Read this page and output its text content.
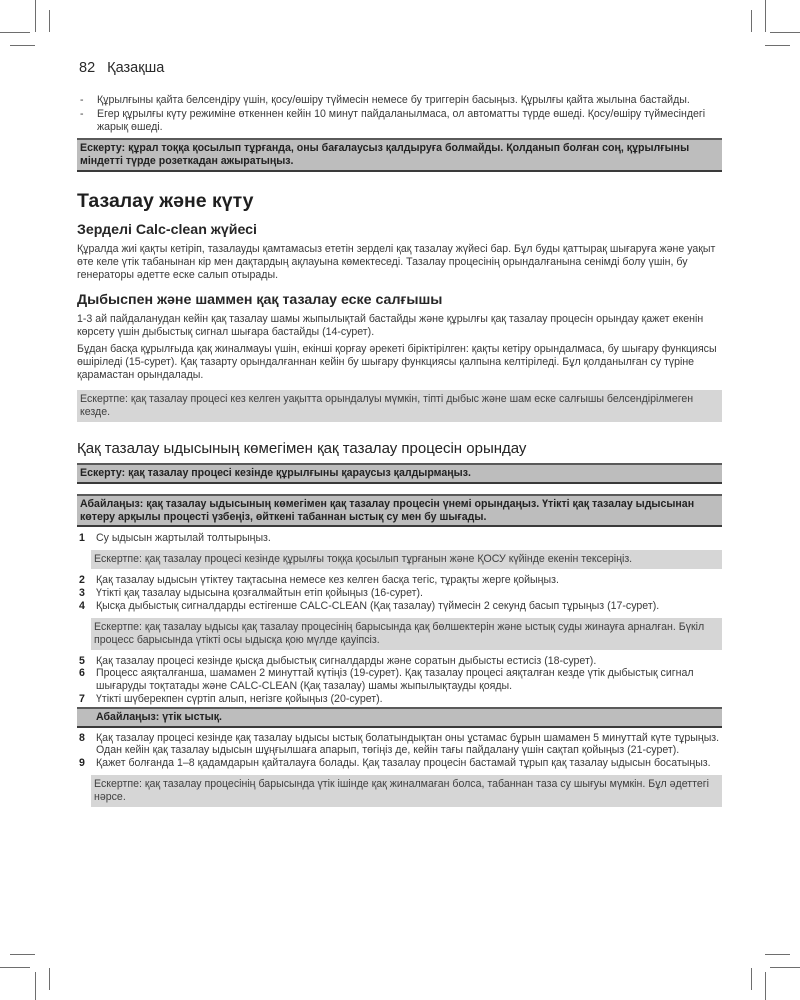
82 Қазақша
- Құрылғыны қайта белсендіру үшін, қосу/өшіру түймесін немесе бу триггерін басыңыз. Құрылғы қайта жылына бастайды.
- Егер құрылғы күту режиміне өткеннен кейін 10 минут пайдаланылмаса, ол автоматты түрде өшеді. Қосу/өшіру түймесіндегі жарық өшеді.
Ескерту: құрал тоққа қосылып тұрғанда, оны бағалаусыз қалдыруға болмайды. Қолданып болған соң, құрылғыны міндетті түрде розеткадан ажыратыңыз.
Тазалау және күту
Зерделі Calc-clean жүйесі

Құралда жиі қақты кетіріп, тазалауды қамтамасыз ететін зерделі қақ тазалау жүйесі бар. Бұл буды қаттырақ шығаруға және уақыт өте келе үтік табанынан кір мен дақтардың ақлауына көмектеседі. Тазалау процесінің орындалғанына сенімді болу үшін, бу генераторы әдетте еске салып отырады.

Дыбыспен және шаммен қақ тазалау еске салғышы

1-3 ай пайдаланудан кейін қақ тазалау шамы жыпылықтай бастайды және құрылғы қақ тазалау процесін орындау қажет екенін көрсету үшін дыбыстық сигнал шығара бастайды (14-сурет).

Бұдан басқа құрылғыда қақ жиналмауы үшін, екінші қорғау әрекеті біріктірілген: қақты кетіру орындалмаса, бу шығару функциясы өшіріледі (15-сурет). Қақ тазарту орындалғаннан кейін бу шығару функциясы қалпына келтіріледі. Бұл қолданылған су түріне қарамастан орындалады.

Ескертпе: қақ тазалау процесі кез келген уақытта орындалуы мүмкін, тіпті дыбыс және шам еске салғышы белсендірілмеген кезде.
Қақ тазалау ыдысының көмегімен қақ тазалау процесін орындау
Ескерту: қақ тазалау процесі кезінде құрылғыны қараусыз қалдырмаңыз.
Абайлаңыз: қақ тазалау ыдысының көмегімен қақ тазалау процесін үнемі орындаңыз. Үтікті қақ тазалау ыдысынан көтеру арқылы процесті үзбеңіз, өйткені табаннан ыстық су мен бу шығады.
1 Су ыдысын жартылай толтырыңыз.
Ескертпе: қақ тазалау процесі кезінде құрылғы тоққа қосылып тұрғанын және ҚОСУ күйінде екенін тексеріңіз.
2 Қақ тазалау ыдысын үтіктеу тақтасына немесе кез келген басқа тегіс, тұрақты жерге қойыңыз.
3 Үтікті қақ тазалау ыдысына қозғалмайтын етіп қойыңыз (16-сурет).
4 Қысқа дыбыстық сигналдарды естігенше CALC-CLEAN (Қақ тазалау) түймесін 2 секунд басып тұрыңыз (17-сурет).
Ескертпе: қақ тазалау ыдысы қақ тазалау процесінің барысында қақ бөлшектерін және ыстық суды жинауға арналған. Бүкіл процесс барысында үтікті осы ыдысқа қою мүлде қауіпсіз.
5 Қақ тазалау процесі кезінде қысқа дыбыстық сигналдарды және соратын дыбысты естисіз (18-сурет).
6 Процесс аяқталғанша, шамамен 2 минуттай күтіңіз (19-сурет). Қақ тазалау процесі аяқталған кезде үтік дыбыстық сигнал шығаруды тоқтатады және CALC-CLEAN (Қақ тазалау) шамы жыпылықтауды қояды.
7 Үтікті шүберекпен сүртіп алып, негізге қойыңыз (20-сурет).
Абайлаңыз: үтік ыстық.
8 Қақ тазалау процесі кезінде қақ тазалау ыдысы ыстық болатындықтан оны ұстамас бұрын шамамен 5 минуттай күте тұрыңыз. Одан кейін қақ тазалау ыдысын шұңғылшаға апарып, төгіңіз де, кейін тағы пайдалану үшін сақтап қойыңыз (21-сурет).
9 Қажет болғанда 1–8 қадамдарын қайталауға болады. Қақ тазалау процесін бастамай тұрып қақ тазалау ыдысын босатыңыз.
Ескертпе: қақ тазалау процесінің барысында үтік ішінде қақ жиналмаған болса, табаннан таза су шығуы мүмкін. Бұл әдеттегі нәрсе.
